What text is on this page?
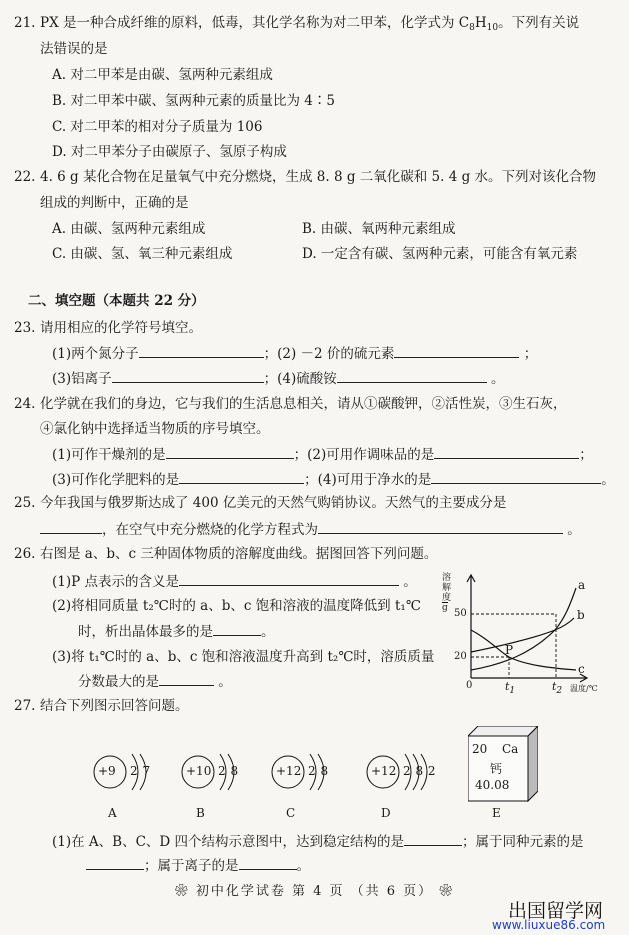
21. PX 是一种合成纤维的原料，低毒，其化学名称为对二甲苯，化学式为 $C_8H_{10}$。下列有关说
法错误的是
A. 对二甲苯是由碳、氢两种元素组成
B. 对二甲苯中碳、氢两种元素的质量比为 4∶5
C. 对二甲苯的相对分子质量为 106
D. 对二甲苯分子由碳原子、氢原子构成
22. 4. 6 g 某化合物在足量氧气中充分燃烧，生成 8. 8 g 二氧化碳和 5. 4 g 水。下列对该化合物
组成的判断中，正确的是
A. 由碳、氢两种元素组成	B. 由碳、氧两种元素组成
C. 由碳、氢、氧三种元素组成	D. 一定含有碳、氢两种元素，可能含有氧元素
二、填空题（本题共 22 分）
23. 请用相应的化学符号填空。
(1)两个氮分子	；(2) －2 价的硫元素	；
(3)铝离子	；(4)硫酸铵	。
24. 化学就在我们的身边，它与我们的生活息息相关，请从①碳酸钾，②活性炭，③生石灰，
④氯化钠中选择适当物质的序号填空。
(1)可作干燥剂的是	；(2)可用作调味品的是	；
(3)可作化学肥料的是	；(4)可用于净水的是	。
25. 今年我国与俄罗斯达成了 400 亿美元的天然气购销协议。天然气的主要成分是
，在空气中充分燃烧的化学方程式为	。
26. 右图是 a、b、c 三种固体物质的溶解度曲线。据图回答下列问题。
(1)P 点表示的含义是	。
(2)将相同质量 t₂℃时的 a、b、c 饱和溶液的温度降低到 t₁℃
时，析出晶体最多的是	。
(3)将 t₁℃时的 a、b、c 饱和溶液温度升高到 t₂℃时，溶质质量
分数最大的是	。
溶
解
度
g 50
20
0	$t_1$	$t_2$ 温度/℃
a
b
c
P
27. 结合下列图示回答问题。
+9 2 7
A
+10 2 8
B
+12 2 8
C
+12 2 8 2
D
20 Ca
钙
40.08
E
(1)在 A、B、C、D 四个结构示意图中，达到稳定结构的是	；属于同种元素的是
；属于离子的是	。
❀ 初中化学试卷 第 4 页 （共 6 页） ❀
出国留学网
www.liuxue86.com
